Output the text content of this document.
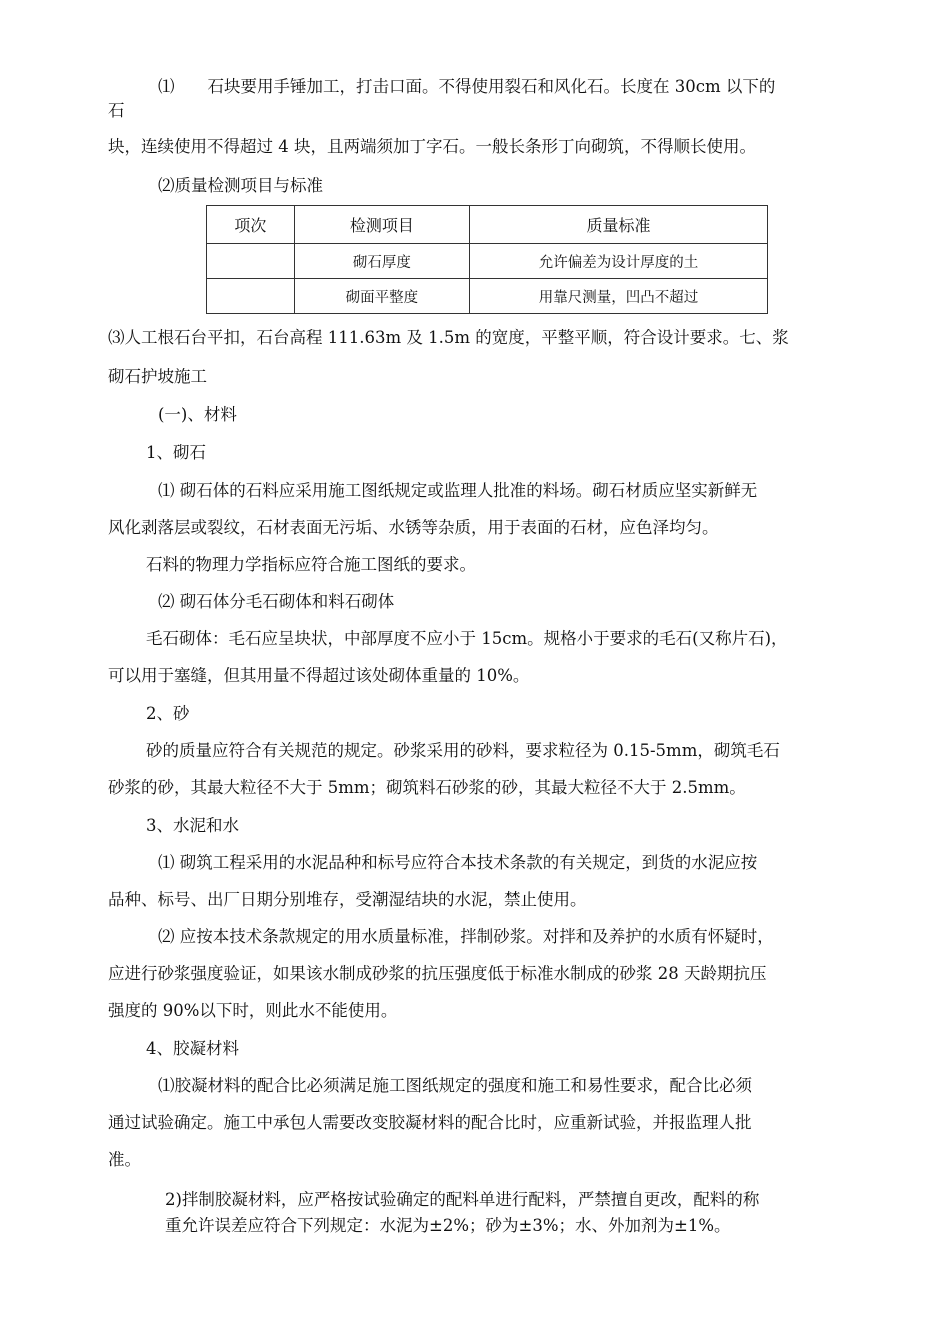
⑴　　石块要用手锤加工，打击口面。不得使用裂石和风化石。长度在 30cm 以下的
石
块，连续使用不得超过 4 块，且两端须加丁字石。一般长条形丁向砌筑，不得顺长使用。
⑵质量检测项目与标准
项次	检测项目	质量标准
	砌石厚度	允许偏差为设计厚度的土
	砌面平整度	用靠尺测量，凹凸不超过
⑶人工根石台平扣，石台高程 111.63m 及 1.5m 的宽度，平整平顺，符合设计要求。七、浆
砌石护坡施工
(一)、材料
1、砌石
⑴ 砌石体的石料应采用施工图纸规定或监理人批准的料场。砌石材质应坚实新鲜无
风化剥落层或裂纹，石材表面无污垢、水锈等杂质，用于表面的石材，应色泽均匀。
石料的物理力学指标应符合施工图纸的要求。
⑵ 砌石体分毛石砌体和料石砌体
毛石砌体：毛石应呈块状，中部厚度不应小于 15cm。规格小于要求的毛石(又称片石)，
可以用于塞缝，但其用量不得超过该处砌体重量的 10%。
2、砂
砂的质量应符合有关规范的规定。砂浆采用的砂料，要求粒径为 0.15-5mm，砌筑毛石
砂浆的砂，其最大粒径不大于 5mm；砌筑料石砂浆的砂，其最大粒径不大于 2.5mm。
3、水泥和水
⑴ 砌筑工程采用的水泥品种和标号应符合本技术条款的有关规定，到货的水泥应按
品种、标号、出厂日期分别堆存，受潮湿结块的水泥，禁止使用。
⑵ 应按本技术条款规定的用水质量标准，拌制砂浆。对拌和及养护的水质有怀疑时，
应进行砂浆强度验证，如果该水制成砂浆的抗压强度低于标准水制成的砂浆 28 天龄期抗压
强度的 90%以下时，则此水不能使用。
4、胶凝材料
⑴胶凝材料的配合比必须满足施工图纸规定的强度和施工和易性要求，配合比必须
通过试验确定。施工中承包人需要改变胶凝材料的配合比时，应重新试验，并报监理人批
准。
2)拌制胶凝材料，应严格按试验确定的配料单进行配料，严禁擅自更改，配料的称
重允许误差应符合下列规定：水泥为±2%；砂为±3%；水、外加剂为±1%。
